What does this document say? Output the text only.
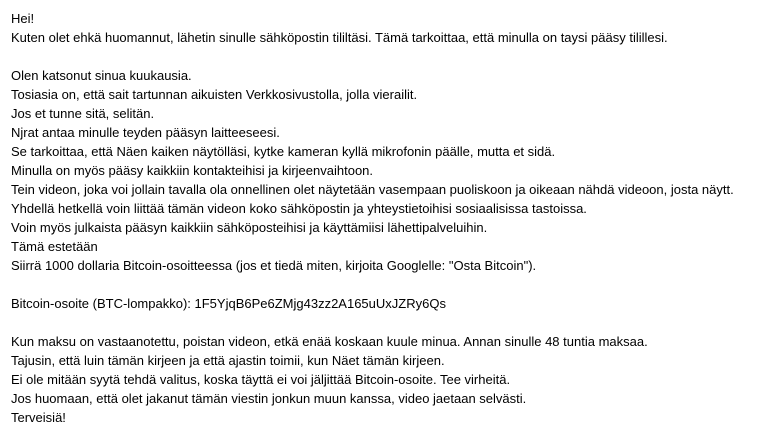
Hei!
Kuten olet ehkä huomannut, lähetin sinulle sähköpostin tililtäsi. Tämä tarkoittaa, että minulla on taysi pääsy tilillesi.
Olen katsonut sinua kuukausia.
Tosiasia on, että sait tartunnan aikuisten Verkkosivustolla, jolla vierailit.
Jos et tunne sitä, selitän.
Njrat antaa minulle teyden pääsyn laitteeseesi.
Se tarkoittaa, että Näen kaiken näytölläsi, kytke kameran kyllä mikrofonin päälle, mutta et sidä.
Minulla on myös pääsy kaikkiin kontakteihisi ja kirjeenvaihtoon.
Tein videon, joka voi jollain tavalla ola onnellinen olet näytetään vasempaan puoliskoon ja oikeaan nähdä videoon, josta näytt.
Yhdellä hetkellä voin liittää tämän videon koko sähköpostin ja yhteystietoihisi sosiaalisissa tastoissa.
Voin myös julkaista pääsyn kaikkiin sähköposteihisi ja käyttämiisi lähettipalveluihin.
Tämä estetään
Siirrä 1000 dollaria Bitcoin-osoitteessa (jos et tiedä miten, kirjoita Googlelle: "Osta Bitcoin").
Bitcoin-osoite (BTC-lompakko): 1F5YjqB6Pe6ZMjg43zz2A165uUxJZRy6Qs
Kun maksu on vastaanotettu, poistan videon, etkä enää koskaan kuule minua. Annan sinulle 48 tuntia maksaa.
Tajusin, että luin tämän kirjeen ja että ajastin toimii, kun Näet tämän kirjeen.
Ei ole mitään syytä tehdä valitus, koska täyttä ei voi jäljittää Bitcoin-osoite. Tee virheitä.
Jos huomaan, että olet jakanut tämän viestin jonkun muun kanssa, video jaetaan selvästi.
Terveisiä!
